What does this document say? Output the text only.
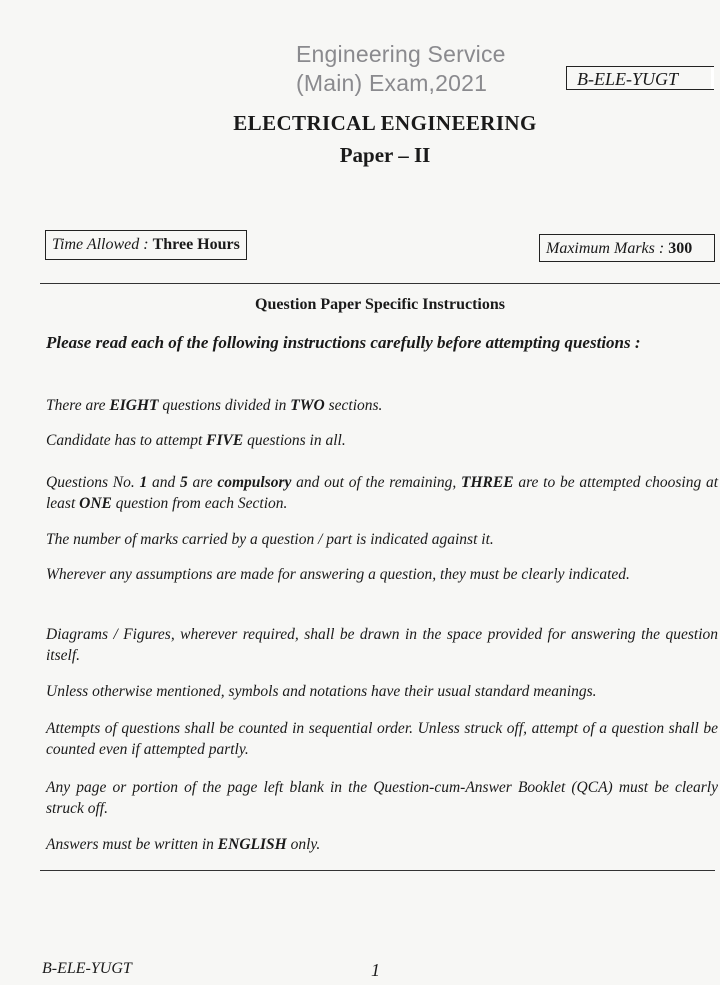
Engineering Service
(Main) Exam,2021	B-ELE-YUGT
ELECTRICAL ENGINEERING
Paper – II
Time Allowed : Three Hours	Maximum Marks : 300
Question Paper Specific Instructions
Please read each of the following instructions carefully before attempting questions :
There are EIGHT questions divided in TWO sections.
Candidate has to attempt FIVE questions in all.
Questions No. 1 and 5 are compulsory and out of the remaining, THREE are to be attempted choosing at least ONE question from each Section.
The number of marks carried by a question / part is indicated against it.
Wherever any assumptions are made for answering a question, they must be clearly indicated.
Diagrams / Figures, wherever required, shall be drawn in the space provided for answering the question itself.
Unless otherwise mentioned, symbols and notations have their usual standard meanings.
Attempts of questions shall be counted in sequential order. Unless struck off, attempt of a question shall be counted even if attempted partly.
Any page or portion of the page left blank in the Question-cum-Answer Booklet (QCA) must be clearly struck off.
Answers must be written in ENGLISH only.
B-ELE-YUGT	1
